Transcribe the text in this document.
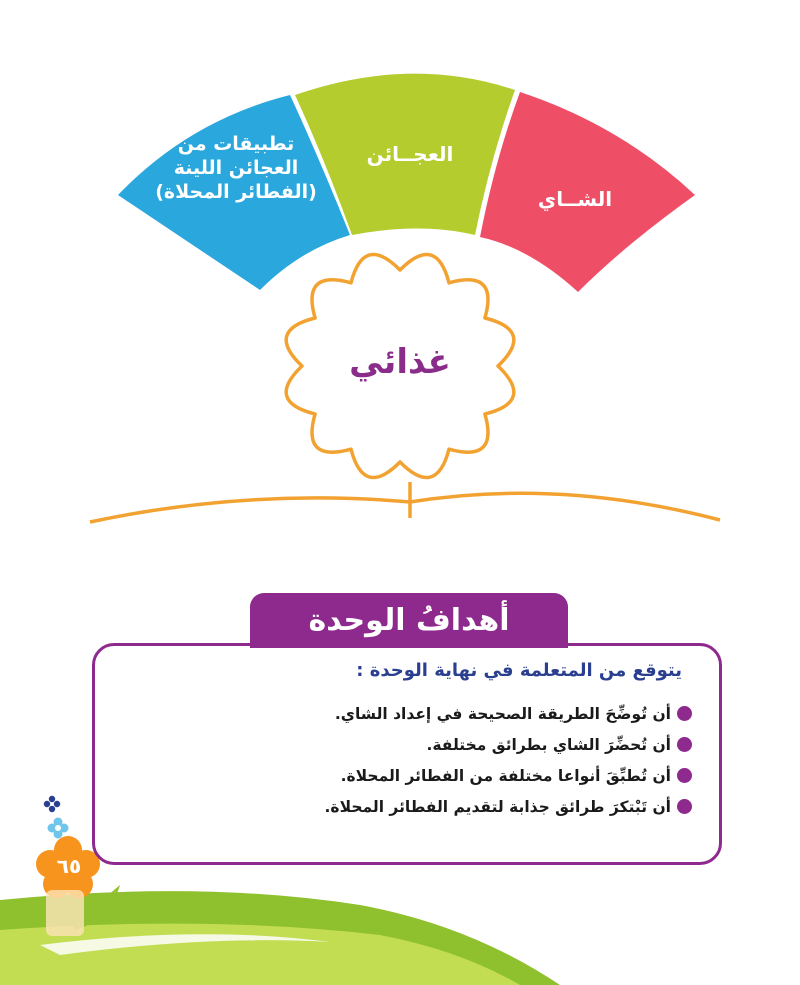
تطبيقات من العجائن اللينة (الفطائر المحلاة)
العجــائن
الشــاي
غذائي
أهدافُ الوحدة
يتوقع من المتعلمة في نهاية الوحدة :
أن تُوضِّحَ الطريقة الصحيحة في إعداد الشاي.
أن تُحضِّرَ الشاي بطرائق مختلفة.
أن تُطبِّقَ أنواعا مختلفة من الفطائر المحلاة.
أن تَبْتكرَ طرائق جذابة لتقديم الفطائر المحلاة.
٦٥
